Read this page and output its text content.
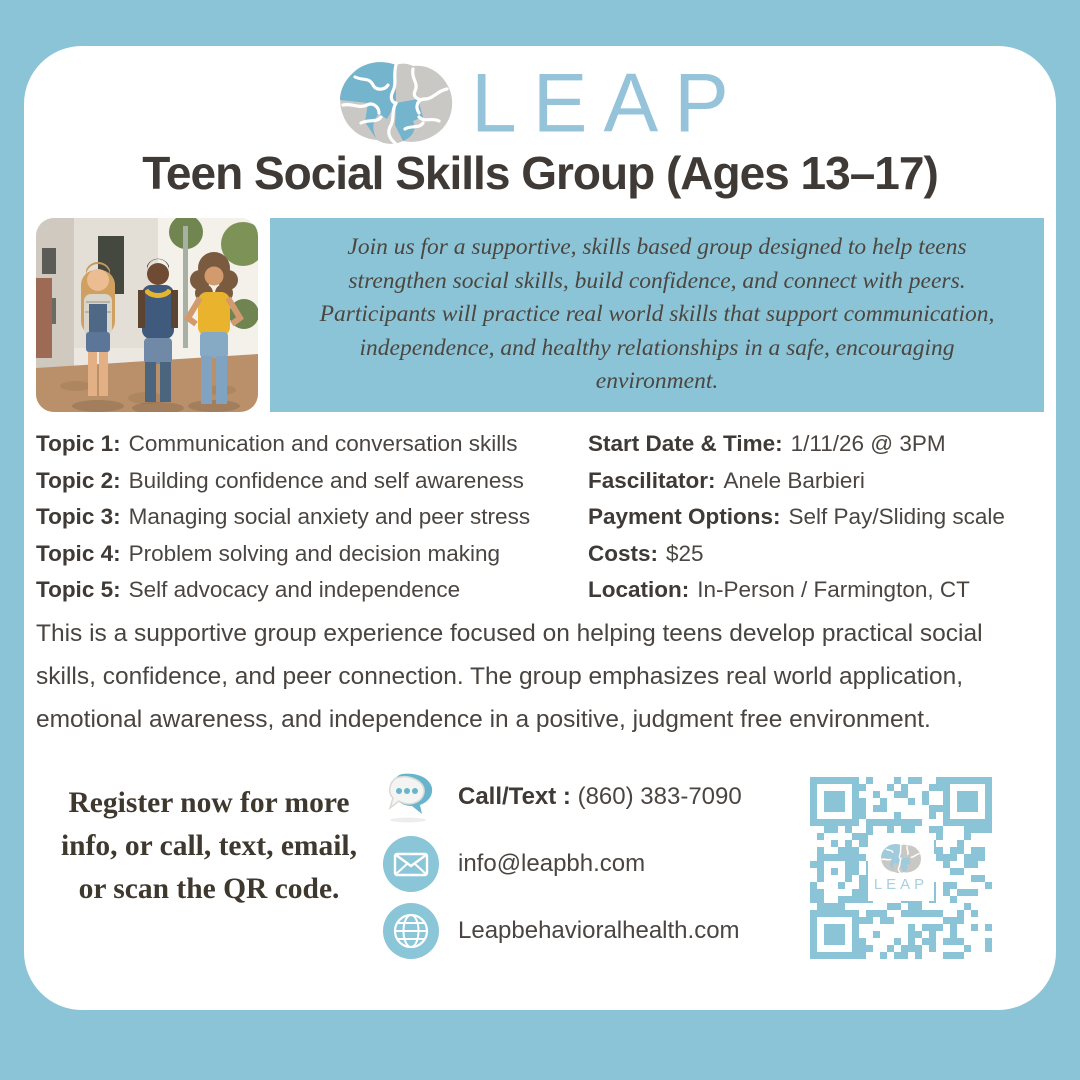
LEAP
Teen Social Skills Group (Ages 13–17)
Join us for a supportive, skills based group designed to help teens strengthen social skills, build confidence, and connect with peers. Participants will practice real world skills that support communication, independence, and healthy relationships in a safe, encouraging environment.
Topic 1: Communication and conversation skills
Topic 2: Building confidence and self awareness
Topic 3: Managing social anxiety and peer stress
Topic 4: Problem solving and decision making
Topic 5: Self advocacy and independence
Start Date & Time: 1/11/26 @ 3PM
Fascilitator: Anele Barbieri
Payment Options: Self Pay/Sliding scale
Costs: $25
Location: In-Person / Farmington, CT
This is a supportive group experience focused on helping teens develop practical social skills, confidence, and peer connection. The group emphasizes real world application, emotional awareness, and independence in a positive, judgment free environment.
Register now for more info, or call, text, email, or scan the QR code.
Call/Text : (860) 383-7090
info@leapbh.com
Leapbehavioralhealth.com
LEAP
